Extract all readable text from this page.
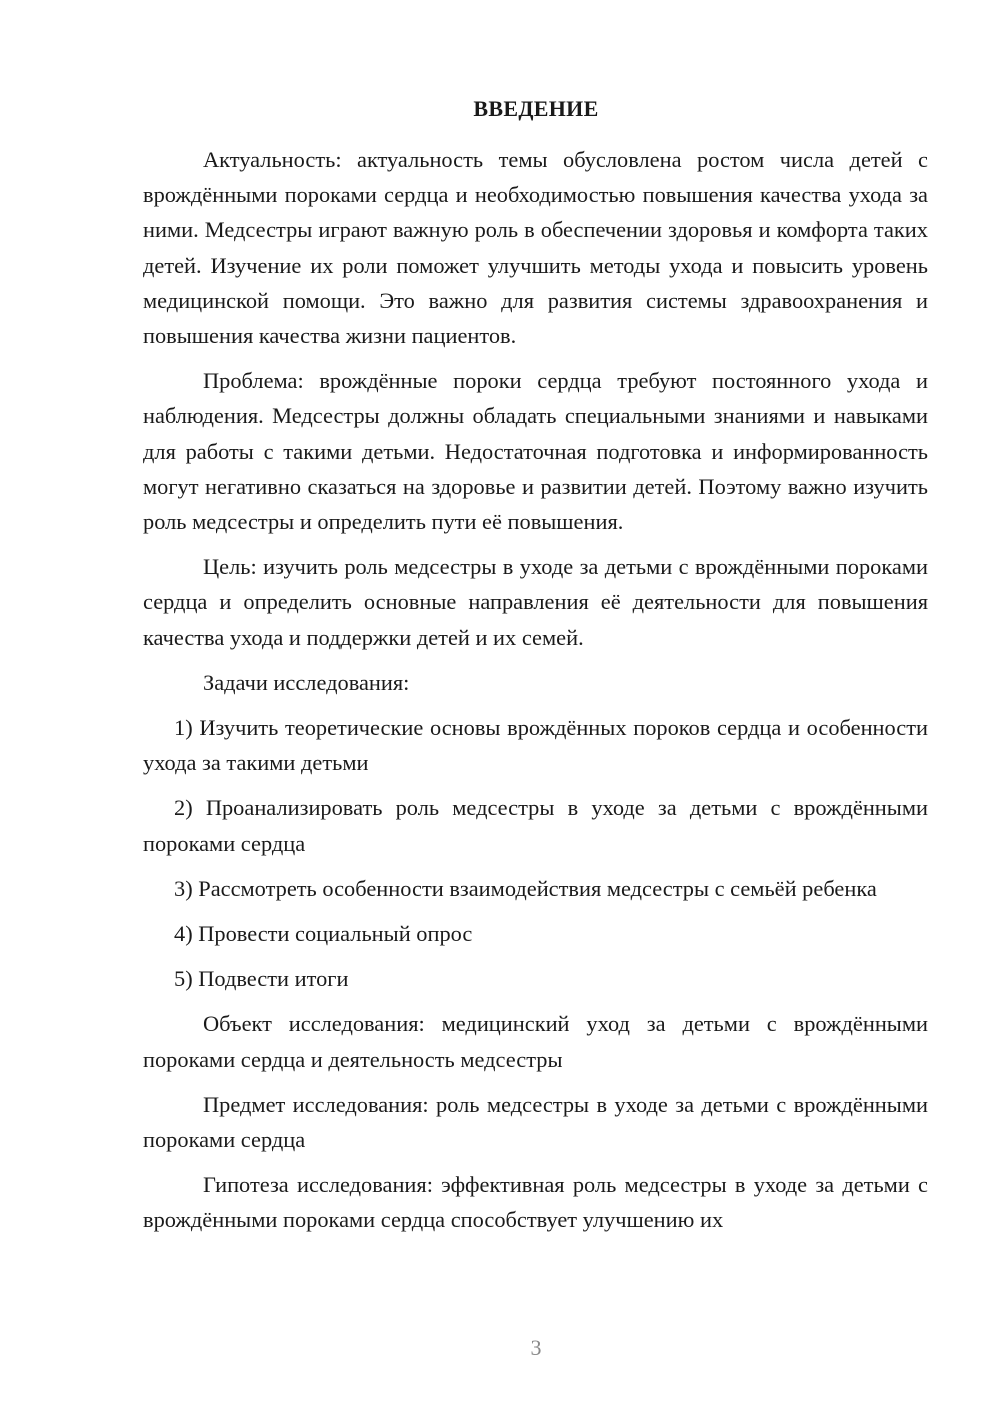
ВВЕДЕНИЕ

Актуальность: актуальность темы обусловлена ростом числа детей с врождёнными пороками сердца и необходимостью повышения качества ухода за ними. Медсестры играют важную роль в обеспечении здоровья и комфорта таких детей. Изучение их роли поможет улучшить методы ухода и повысить уровень медицинской помощи. Это важно для развития системы здравоохранения и повышения качества жизни пациентов.

Проблема: врождённые пороки сердца требуют постоянного ухода и наблюдения. Медсестры должны обладать специальными знаниями и навыками для работы с такими детьми. Недостаточная подготовка и информированность могут негативно сказаться на здоровье и развитии детей. Поэтому важно изучить роль медсестры и определить пути её повышения.

Цель: изучить роль медсестры в уходе за детьми с врождёнными пороками сердца и определить основные направления её деятельности для повышения качества ухода и поддержки детей и их семей.

Задачи исследования:

1) Изучить теоретические основы врождённых пороков сердца и особенности ухода за такими детьми

2) Проанализировать роль медсестры в уходе за детьми с врождёнными пороками сердца

3) Рассмотреть особенности взаимодействия медсестры с семьёй ребенка

4) Провести социальный опрос

5) Подвести итоги

Объект исследования: медицинский уход за детьми с врождёнными пороками сердца и деятельность медсестры

Предмет исследования: роль медсестры в уходе за детьми с врождёнными пороками сердца

Гипотеза исследования: эффективная роль медсестры в уходе за детьми с врождёнными пороками сердца способствует улучшению их

3
